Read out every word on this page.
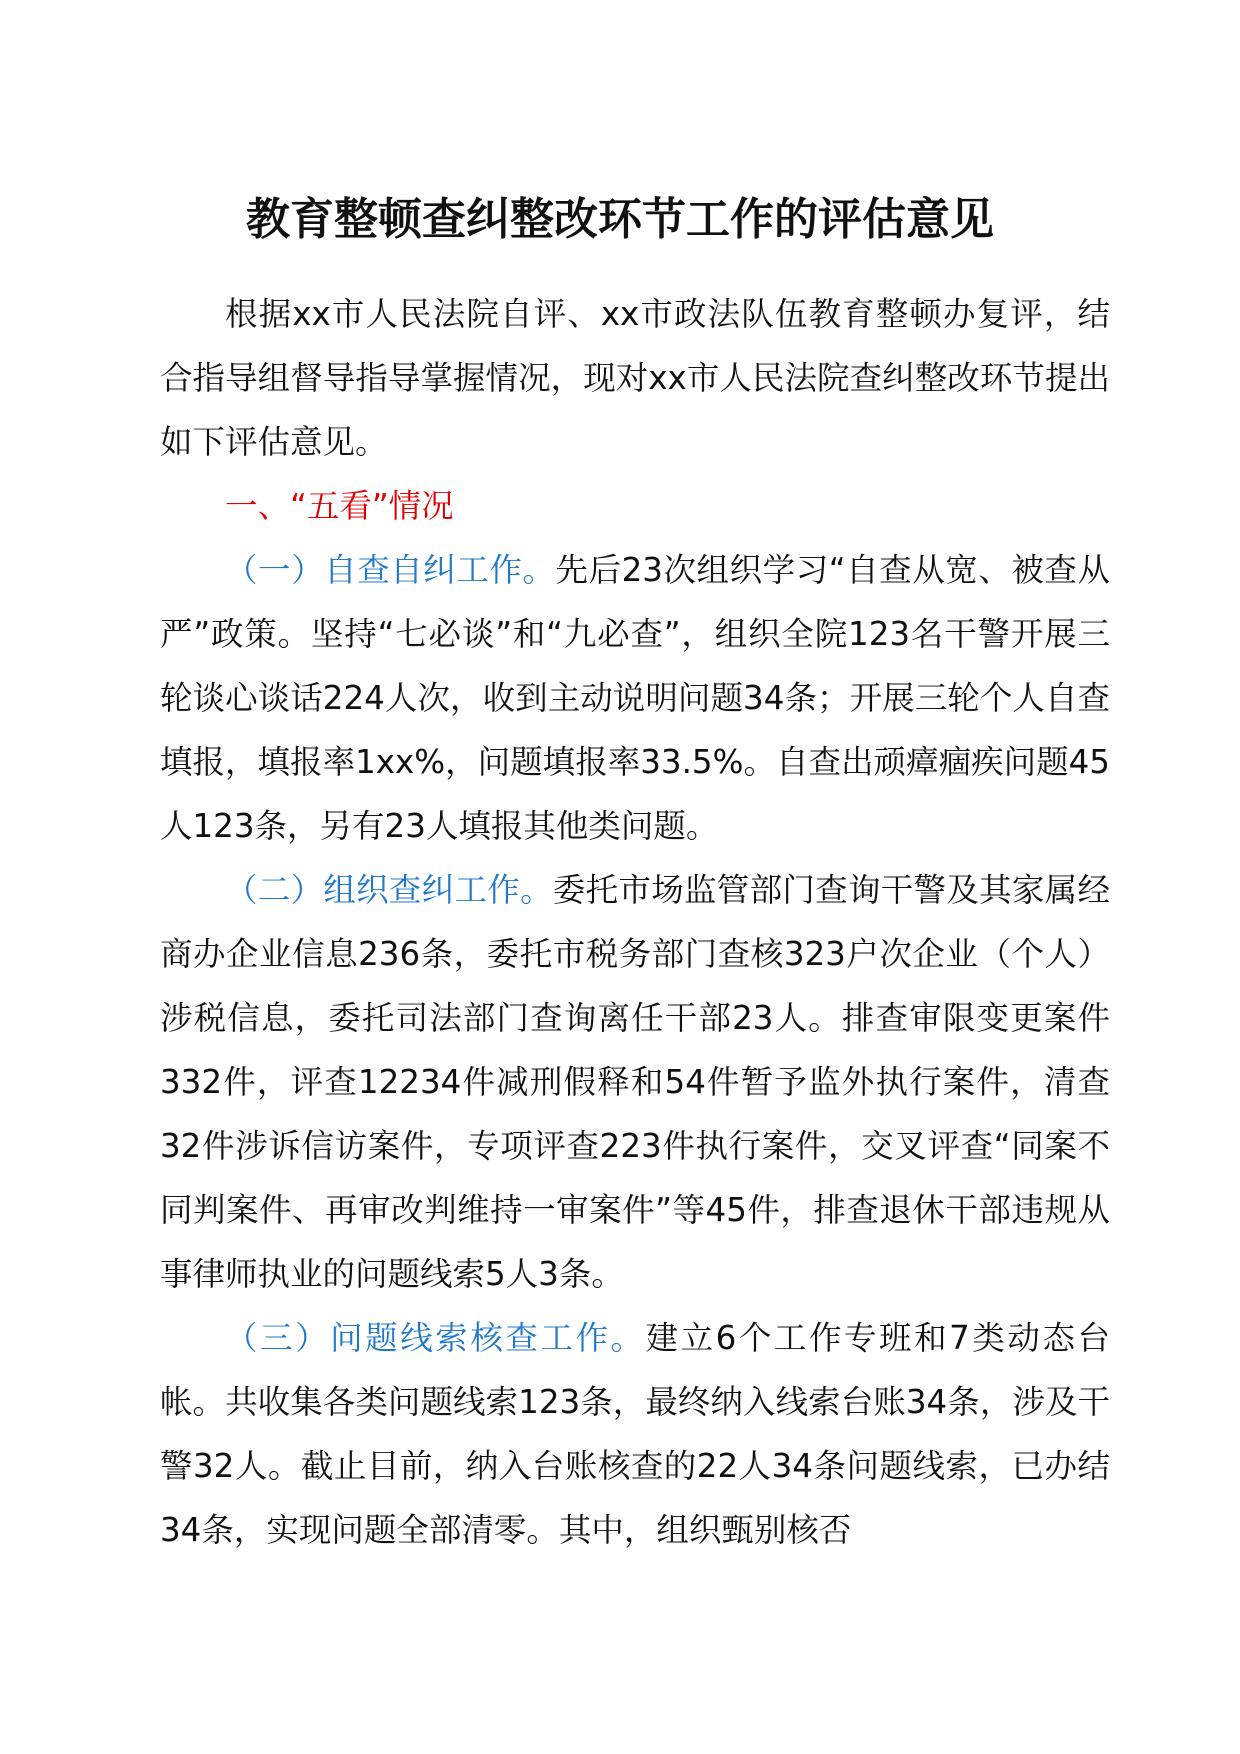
教育整顿查纠整改环节工作的评估意见

根据xx市人民法院自评、xx市政法队伍教育整顿办复评，结合指导组督导指导掌握情况，现对xx市人民法院查纠整改环节提出如下评估意见。

一、“五看”情况

（一）自查自纠工作。先后23次组织学习“自查从宽、被查从严”政策。坚持“七必谈”和“九必查”，组织全院123名干警开展三轮谈心谈话224人次，收到主动说明问题34条；开展三轮个人自查填报，填报率1xx%，问题填报率33.5%。自查出顽瘴痼疾问题45人123条，另有23人填报其他类问题。

（二）组织查纠工作。委托市场监管部门查询干警及其家属经商办企业信息236条，委托市税务部门查核323户次企业（个人）涉税信息，委托司法部门查询离任干部23人。排查审限变更案件332件，评查12234件减刑假释和54件暂予监外执行案件，清查32件涉诉信访案件，专项评查223件执行案件，交叉评查“同案不同判案件、再审改判维持一审案件”等45件，排查退休干部违规从事律师执业的问题线索5人3条。

（三）问题线索核查工作。建立6个工作专班和7类动态台帐。共收集各类问题线索123条，最终纳入线索台账34条，涉及干警32人。截止目前，纳入台账核查的22人34条问题线索，已办结34条，实现问题全部清零。其中，组织甄别核否
